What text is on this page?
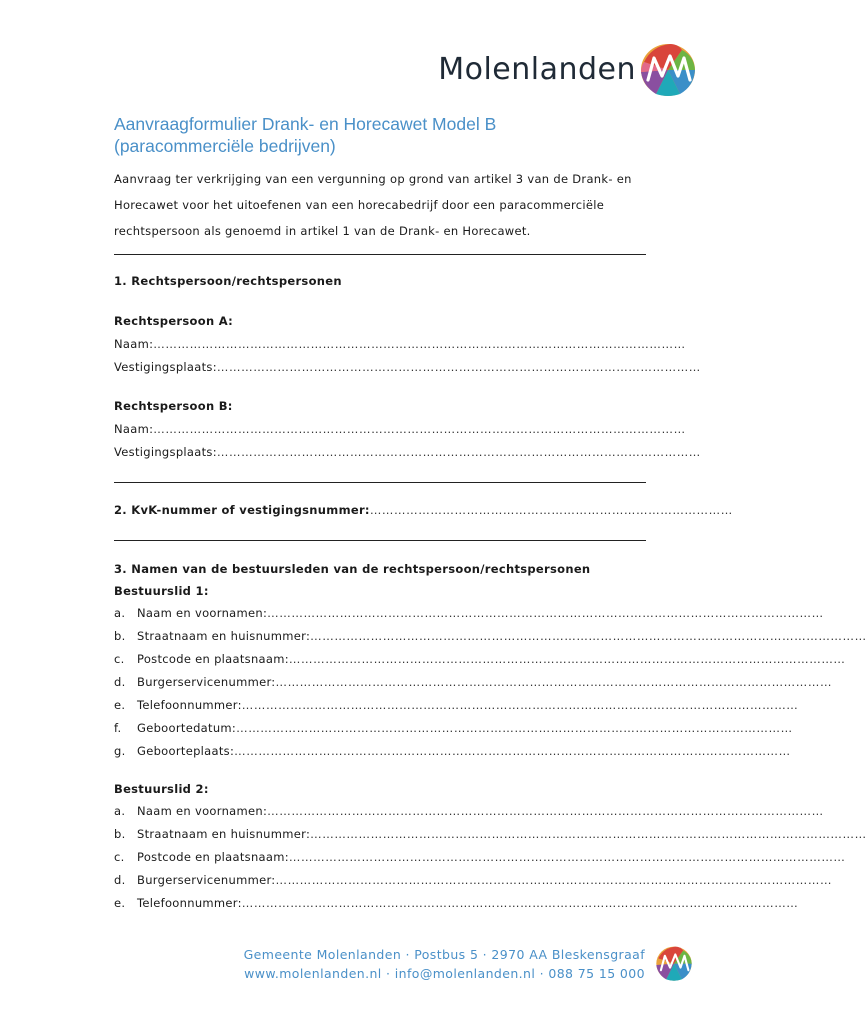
Molenlanden
Aanvraagformulier Drank- en Horecawet Model B
(paracommerciële bedrijven)
Aanvraag ter verkrijging van een vergunning op grond van artikel 3 van de Drank- en Horecawet voor het uitoefenen van een horecabedrijf door een paracommerciële rechtspersoon als genoemd in artikel 1 van de Drank- en Horecawet.
1. Rechtspersoon/rechtspersonen
Rechtspersoon A:
Naam:……………………………………………………………………………………………………………………
Vestigingsplaats:…………………………………………………………………………………………………………
Rechtspersoon B:
Naam:……………………………………………………………………………………………………………………
Vestigingsplaats:…………………………………………………………………………………………………………
2. KvK-nummer of vestigingsnummer:………………………………………………………………………………
3. Namen van de bestuursleden van de rechtspersoon/rechtspersonen
Bestuurslid 1:
a.	Naam en voornamen: …………………………………………………………………………………………………………………………
b. Straatnaam en huisnummer: …………………………………………………………………………………………………………………………
c.	Postcode en plaatsnaam: …………………………………………………………………………………………………………………………
d. Burgerservicenummer: …………………………………………………………………………………………………………………………
e.	Telefoonnummer: …………………………………………………………………………………………………………………………
f.	Geboortedatum: …………………………………………………………………………………………………………………………
g. Geboorteplaats: …………………………………………………………………………………………………………………………
Bestuurslid 2:
a.	Naam en voornamen: …………………………………………………………………………………………………………………………
b. Straatnaam en huisnummer: …………………………………………………………………………………………………………………………
c.	Postcode en plaatsnaam: …………………………………………………………………………………………………………………………
d. Burgerservicenummer: …………………………………………………………………………………………………………………………
e.	Telefoonnummer: …………………………………………………………………………………………………………………………
Gemeente Molenlanden · Postbus 5 · 2970 AA Bleskensgraaf
www.molenlanden.nl · info@molenlanden.nl · 088 75 15 000
